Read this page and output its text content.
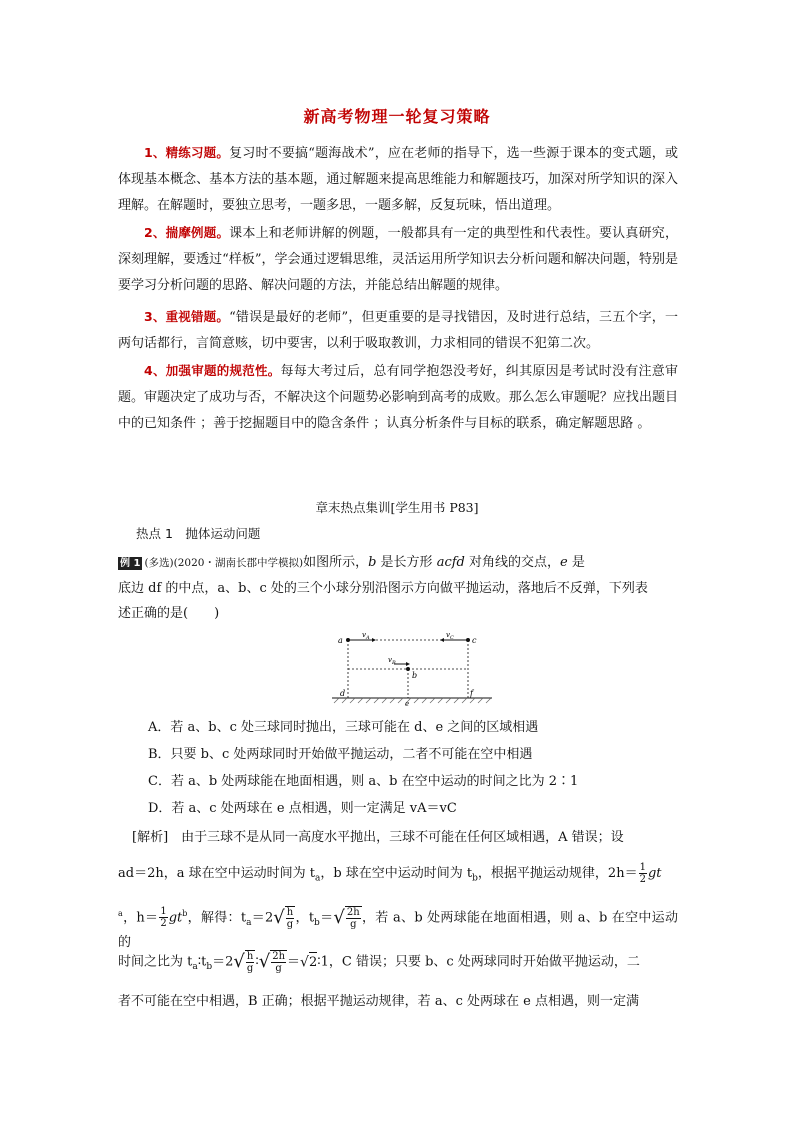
新高考物理一轮复习策略

1、精练习题。复习时不要搞“题海战术”，应在老师的指导下，选一些源于课本的变式题，或体现基本概念、基本方法的基本题，通过解题来提高思维能力和解题技巧，加深对所学知识的深入理解。在解题时，要独立思考，一题多思，一题多解，反复玩味，悟出道理。

2、揣摩例题。课本上和老师讲解的例题，一般都具有一定的典型性和代表性。要认真研究，深刻理解，要透过“样板”，学会通过逻辑思维，灵活运用所学知识去分析问题和解决问题，特别是要学习分析问题的思路、解决问题的方法，并能总结出解题的规律。

3、重视错题。“错误是最好的老师”，但更重要的是寻找错因，及时进行总结，三五个字，一两句话都行，言简意赅，切中要害，以利于吸取教训，力求相同的错误不犯第二次。

4、加强审题的规范性。每每大考过后，总有同学抱怨没考好，纠其原因是考试时没有注意审题。审题决定了成功与否，不解决这个问题势必影响到高考的成败。那么怎么审题呢？应找出题目中的已知条件 ；善于挖掘题目中的隐含条件 ；认真分析条件与目标的联系，确定解题思路 。

章末热点集训[学生用书 P83]
热点 1　抛体运动问题
例 1 (多选)(2020・湖南长郡中学模拟)如图所示，b 是长方形 acfd 对角线的交点，e 是
底边 df 的中点，a、b、c 处的三个小球分别沿图示方向做平抛运动，落地后不反弹，下列表
述正确的是(　　)
a	c
b
d	f
e
$v_A$	$v_C$
$v_B$
A．若 a、b、c 处三球同时抛出，三球可能在 d、e 之间的区域相遇
B．只要 b、c 处两球同时开始做平抛运动，二者不可能在空中相遇
C．若 a、b 处两球能在地面相遇，则 a、b 在空中运动的时间之比为 2∶1
D．若 a、c 处两球在 e 点相遇，则一定满足 vA＝vC
[解析]　由于三球不是从同一高度水平抛出，三球不可能在任何区域相遇，A 错误；设
ad＝2h，a 球在空中运动时间为 $t_a$，b 球在空中运动时间为 $t_b$，根据平抛运动规律，$2h= \frac{1}{2}$ gt
$^a$，$h= \frac{1}{2} gt^b$，解得：$t_a=2√ \frac{h}{g}$ ，$t_b=√ \frac{2h}{g}$ ，若 a、b 处两球能在地面相遇，则 a、b 在空中运动的
时间之比为 $t_a∶t_b=2√ \frac{h}{g}$ ∶√ $\frac{2h}{g}$ ＝√2∶1，C 错误；只要 b、c 处两球同时开始做平抛运动，二
者不可能在空中相遇，B 正确；根据平抛运动规律，若 a、c 处两球在 e 点相遇，则一定满
